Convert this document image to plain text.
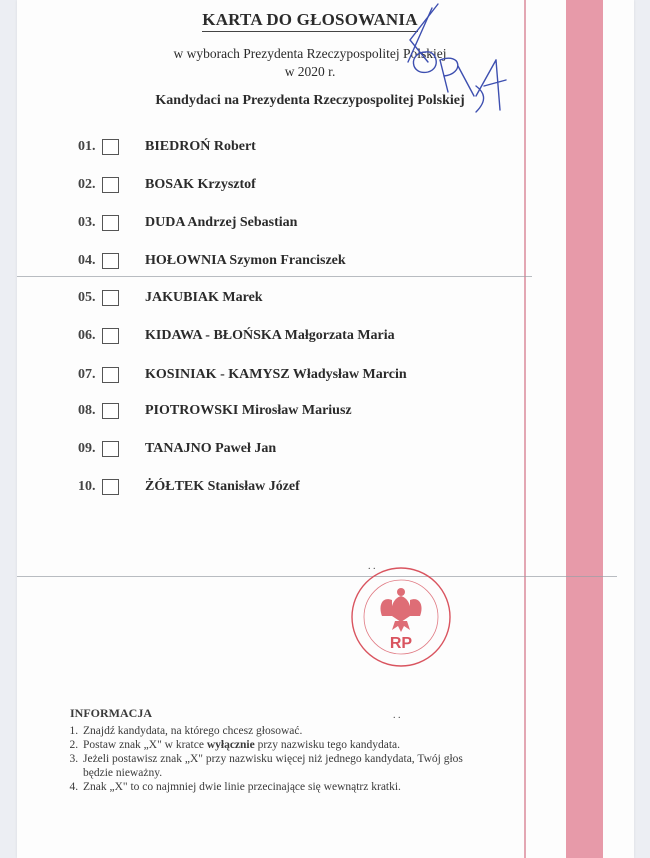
KARTA DO GŁOSOWANIA
w wyborach Prezydenta Rzeczypospolitej Polskiej
w 2020 r.
Kandydaci na Prezydenta Rzeczypospolitej Polskiej
01.	BIEDROŃ Robert
02.	BOSAK Krzysztof
03.	DUDA Andrzej Sebastian
04.	HOŁOWNIA Szymon Franciszek
05.	JAKUBIAK Marek
06.	KIDAWA - BŁOŃSKA Małgorzata Maria
07.	KOSINIAK - KAMYSZ Władysław Marcin
08.	PIOTROWSKI Mirosław Mariusz
09.	TANAJNO Paweł Jan
10.	ŻÓŁTEK Stanisław Józef
. .
. .
RP
INFORMACJA
1. Znajdź kandydata, na którego chcesz głosować.
2. Postaw znak „X" w kratce wyłącznie przy nazwisku tego kandydata.
3. Jeżeli postawisz znak „X" przy nazwisku więcej niż jednego kandydata, Twój głos będzie nieważny.
4. Znak „X" to co najmniej dwie linie przecinające się wewnątrz kratki.
